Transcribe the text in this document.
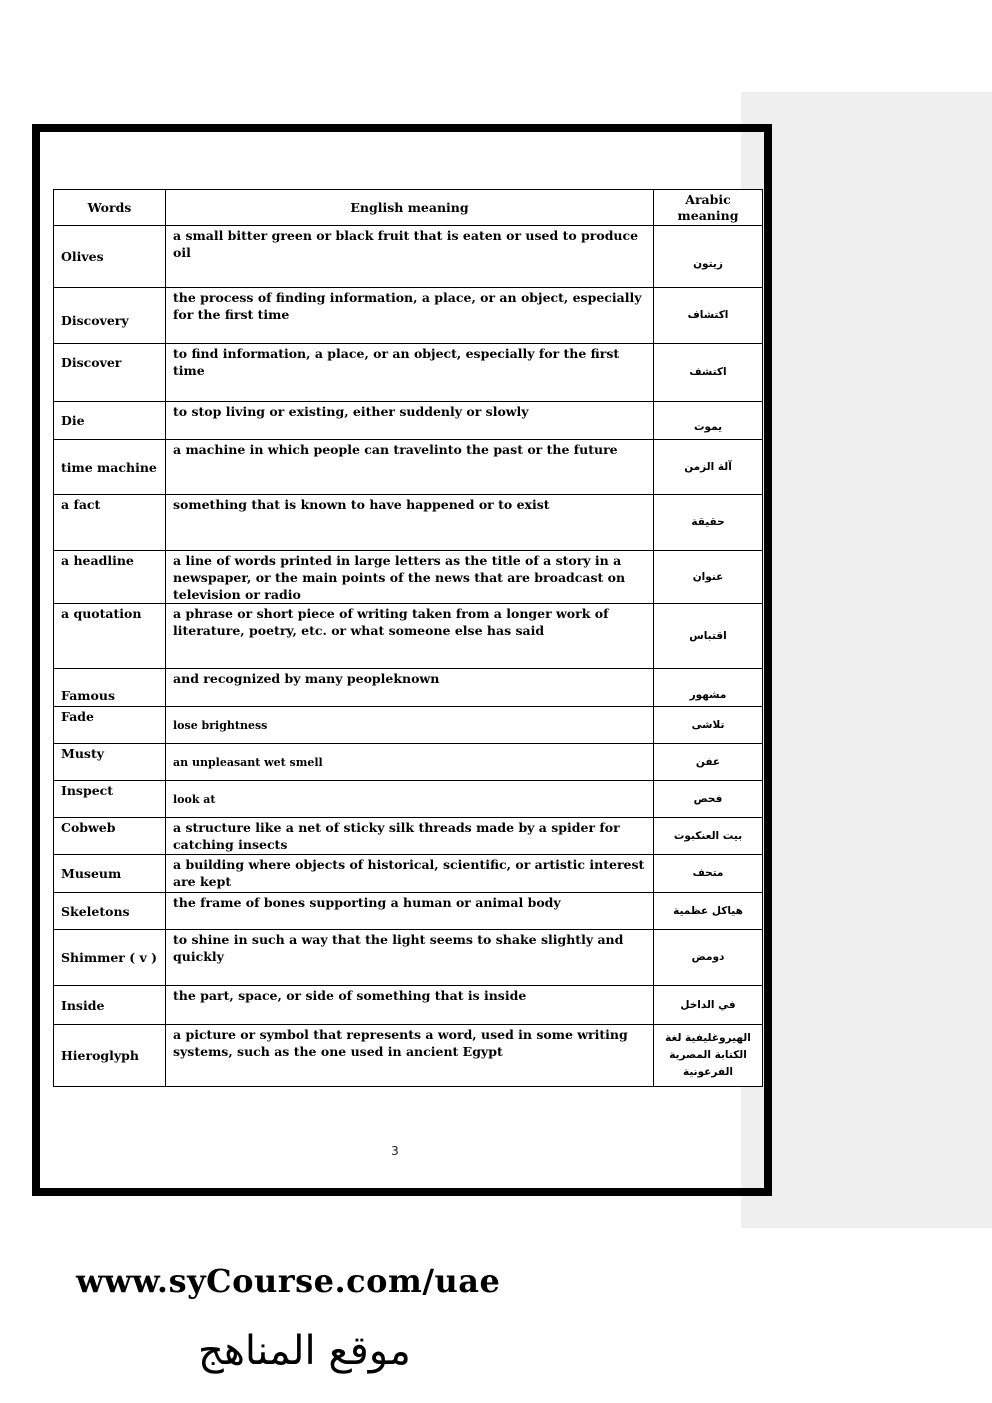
Words	English meaning	Arabic meaning
Olives	a small bitter green or black fruit that is eaten or used to produce oil	زيتون
Discovery	the process of finding information, a place, or an object, especially for the first time	اكتشاف
Discover	to find information, a place, or an object, especially for the first time	اكتشف
Die	to stop living or existing, either suddenly or slowly	يموت
time machine	a machine in which people can travelinto the past or the future	آلة الزمن
a fact	something that is known to have happened or to exist	حقيقة
a headline	a line of words printed in large letters as the title of a story in a newspaper, or the main points of the news that are broadcast on television or radio	عنوان
a quotation	a phrase or short piece of writing taken from a longer work of literature, poetry, etc. or what someone else has said	اقتباس
Famous	and recognized by many peopleknown	مشهور
Fade	lose brightness	تلاشى
Musty	an unpleasant wet smell	عفن
Inspect	look at	فحص
Cobweb	a structure like a net of sticky silk threads made by a spider for catching insects	بيت العنكبوت
Museum	a building where objects of historical, scientific, or artistic interest are kept	متحف
Skeletons	the frame of bones supporting a human or animal body	هياكل عظمية
Shimmer ( v )	to shine in such a way that the light seems to shake slightly and quickly	دومض
Inside	the part, space, or side of something that is inside	في الداخل
Hieroglyph	a picture or symbol that represents a word, used in some writing systems, such as the one used in ancient Egypt	الهيروغليفية لغة الكتابة المصرية الفرعونية
3
www.syCourse.com/uae
موقع المناهج
